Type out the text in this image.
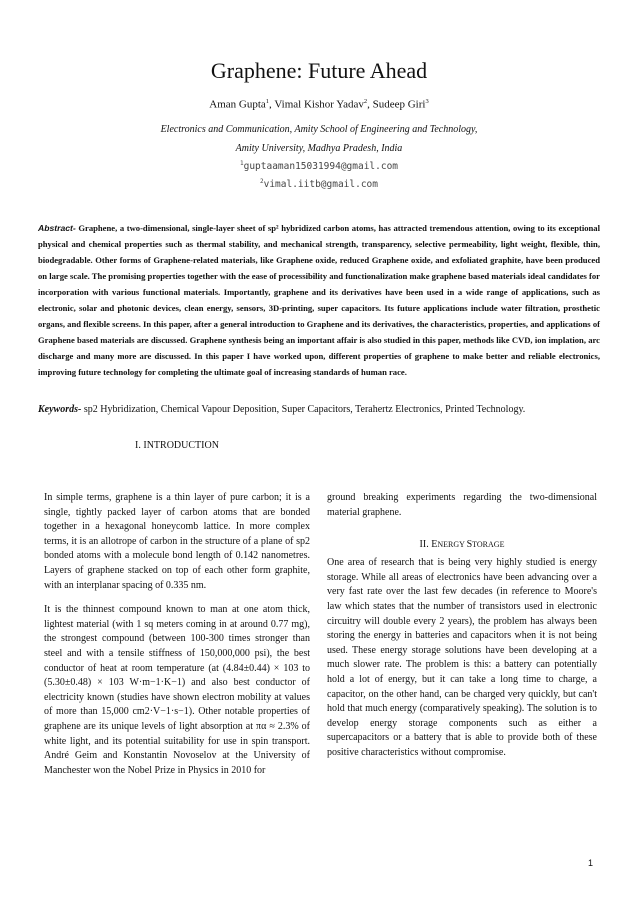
Graphene: Future Ahead
Aman Gupta$^1$, Vimal Kishor Yadav$^2$, Sudeep Giri$^3$
Electronics and Communication, Amity School of Engineering and Technology,
Amity University, Madhya Pradesh, India
$^1$guptaaman15031994@gmail.com
$^2$vimal.iitb@gmail.com
Abstract- Graphene, a two-dimensional, single-layer sheet of sp² hybridized carbon atoms, has attracted tremendous attention, owing to its exceptional physical and chemical properties such as thermal stability, and mechanical strength, transparency, selective permeability, light weight, flexible, thin, biodegradable. Other forms of Graphene-related materials, like Graphene oxide, reduced Graphene oxide, and exfoliated graphite, have been produced on large scale. The promising properties together with the ease of processibility and functionalization make graphene based materials ideal candidates for incorporation with various functional materials. Importantly, graphene and its derivatives have been used in a wide range of applications, such as electronic, solar and photonic devices, clean energy, sensors, 3D-printing, super capacitors. Its future applications include water filtration, prosthetic organs, and flexible screens. In this paper, after a general introduction to Graphene and its derivatives, the characteristics, properties, and applications of Graphene based materials are discussed. Graphene synthesis being an important affair is also studied in this paper, methods like CVD, ion implation, arc discharge and many more are discussed. In this paper I have worked upon, different properties of graphene to make better and reliable electronics, improving future technology for completing the ultimate goal of increasing standards of human race.
Keywords- sp2 Hybridization, Chemical Vapour Deposition, Super Capacitors, Terahertz Electronics, Printed Technology.
I. INTRODUCTION

In simple terms, graphene is a thin layer of pure carbon; it is a single, tightly packed layer of carbon atoms that are bonded together in a hexagonal honeycomb lattice. In more complex terms, it is an allotrope of carbon in the structure of a plane of sp2 bonded atoms with a molecule bond length of 0.142 nanometres. Layers of graphene stacked on top of each other form graphite, with an interplanar spacing of 0.335 nm.

It is the thinnest compound known to man at one atom thick, lightest material (with 1 sq meters coming in at around 0.77 mg), the strongest compound (between 100-300 times stronger than steel and with a tensile stiffness of 150,000,000 psi), the best conductor of heat at room temperature (at (4.84±0.44) × 103 to (5.30±0.48) × 103 W·m−1·K−1) and also best conductor of electricity known (studies have shown electron mobility at values of more than 15,000 cm2·V−1·s−1). Other notable properties of graphene are its unique levels of light absorption at πα ≈ 2.3% of white light, and its potential suitability for use in spin transport. André Geim and Konstantin Novoselov at the University of Manchester won the Nobel Prize in Physics in 2010 for

ground breaking experiments regarding the two-dimensional material graphene.

One area of research that is being very highly studied is energy storage. While all areas of electronics have been advancing over a very fast rate over the last few decades (in reference to Moore's law which states that the number of transistors used in electronic circuitry will double every 2 years), the problem has always been storing the energy in batteries and capacitors when it is not being used. These energy storage solutions have been developing at a much slower rate. The problem is this: a battery can potentially hold a lot of energy, but it can take a long time to charge, a capacitor, on the other hand, can be charged very quickly, but can't hold that much energy (comparatively speaking). The solution is to develop energy storage components such as either a supercapacitors or a battery that is able to provide both of these positive characteristics without compromise.

II. ENERGY STORAGE
1
